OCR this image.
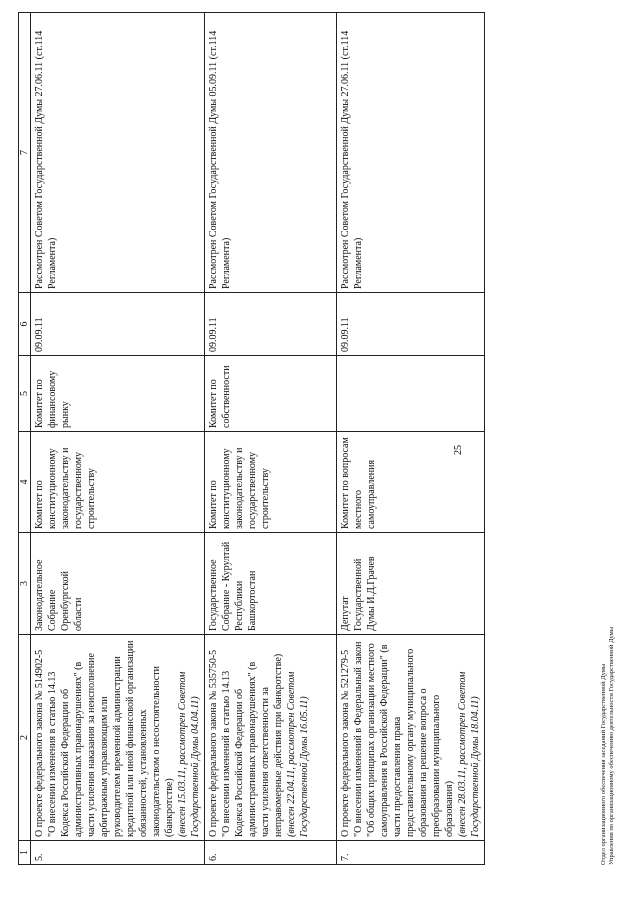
25
1	2	3	4	5	6	7
5.	О проекте федерального закона № 514902-5 "О внесении изменения в статью 14.13 Кодекса Российской Федерации об административных правонарушениях" (в части усиления наказания за неисполнение арбитражным управляющим или руководителем временной администрации кредитной или иной финансовой организации обязанностей, установленных законодательством о несостоятельности (банкротстве) (внесен 15.03.11, рассмотрен Советом Государственной Думы 04.04.11)	Законодательное Собрание Оренбургской области	Комитет по конституционному законодательству и государственному строительству	Комитет по финансовому рынку	09.09.11	Рассмотрен Советом Государственной Думы 27.06.11 (ст.114 Регламента)
6.	О проекте федерального закона № 535750-5 "О внесении изменений в статью 14.13 Кодекса Российской Федерации об административных правонарушениях" (в части усиления ответственности за неправомерные действия при банкротстве) (внесен 22.04.11, рассмотрен Советом Государственной Думы 16.05.11)	Государственное Собрание - Курултай Республики Башкортостан	Комитет по конституционному законодательству и государственному строительству	Комитет по собственности	09.09.11	Рассмотрен Советом Государственной Думы 05.09.11 (ст.114 Регламента)
7.	О проекте федерального закона № 521279-5 "О внесении изменений в Федеральный закон "Об общих принципах организации местного самоуправления в Российской Федерации" (в части предоставления права представительному органу муниципального образования на решение вопроса о преобразовании муниципального образования) (внесен 28.03.11, рассмотрен Советом Государственной Думы 18.04.11)	Депутат Государственной Думы И.Д.Грачев	Комитет по вопросам местного самоуправления		09.09.11	Рассмотрен Советом Государственной Думы 27.06.11 (ст.114 Регламента)
Отдел организационного обеспечения заседаний Государственной Думы Управления по организационному обеспечению деятельности Государственной Думы
